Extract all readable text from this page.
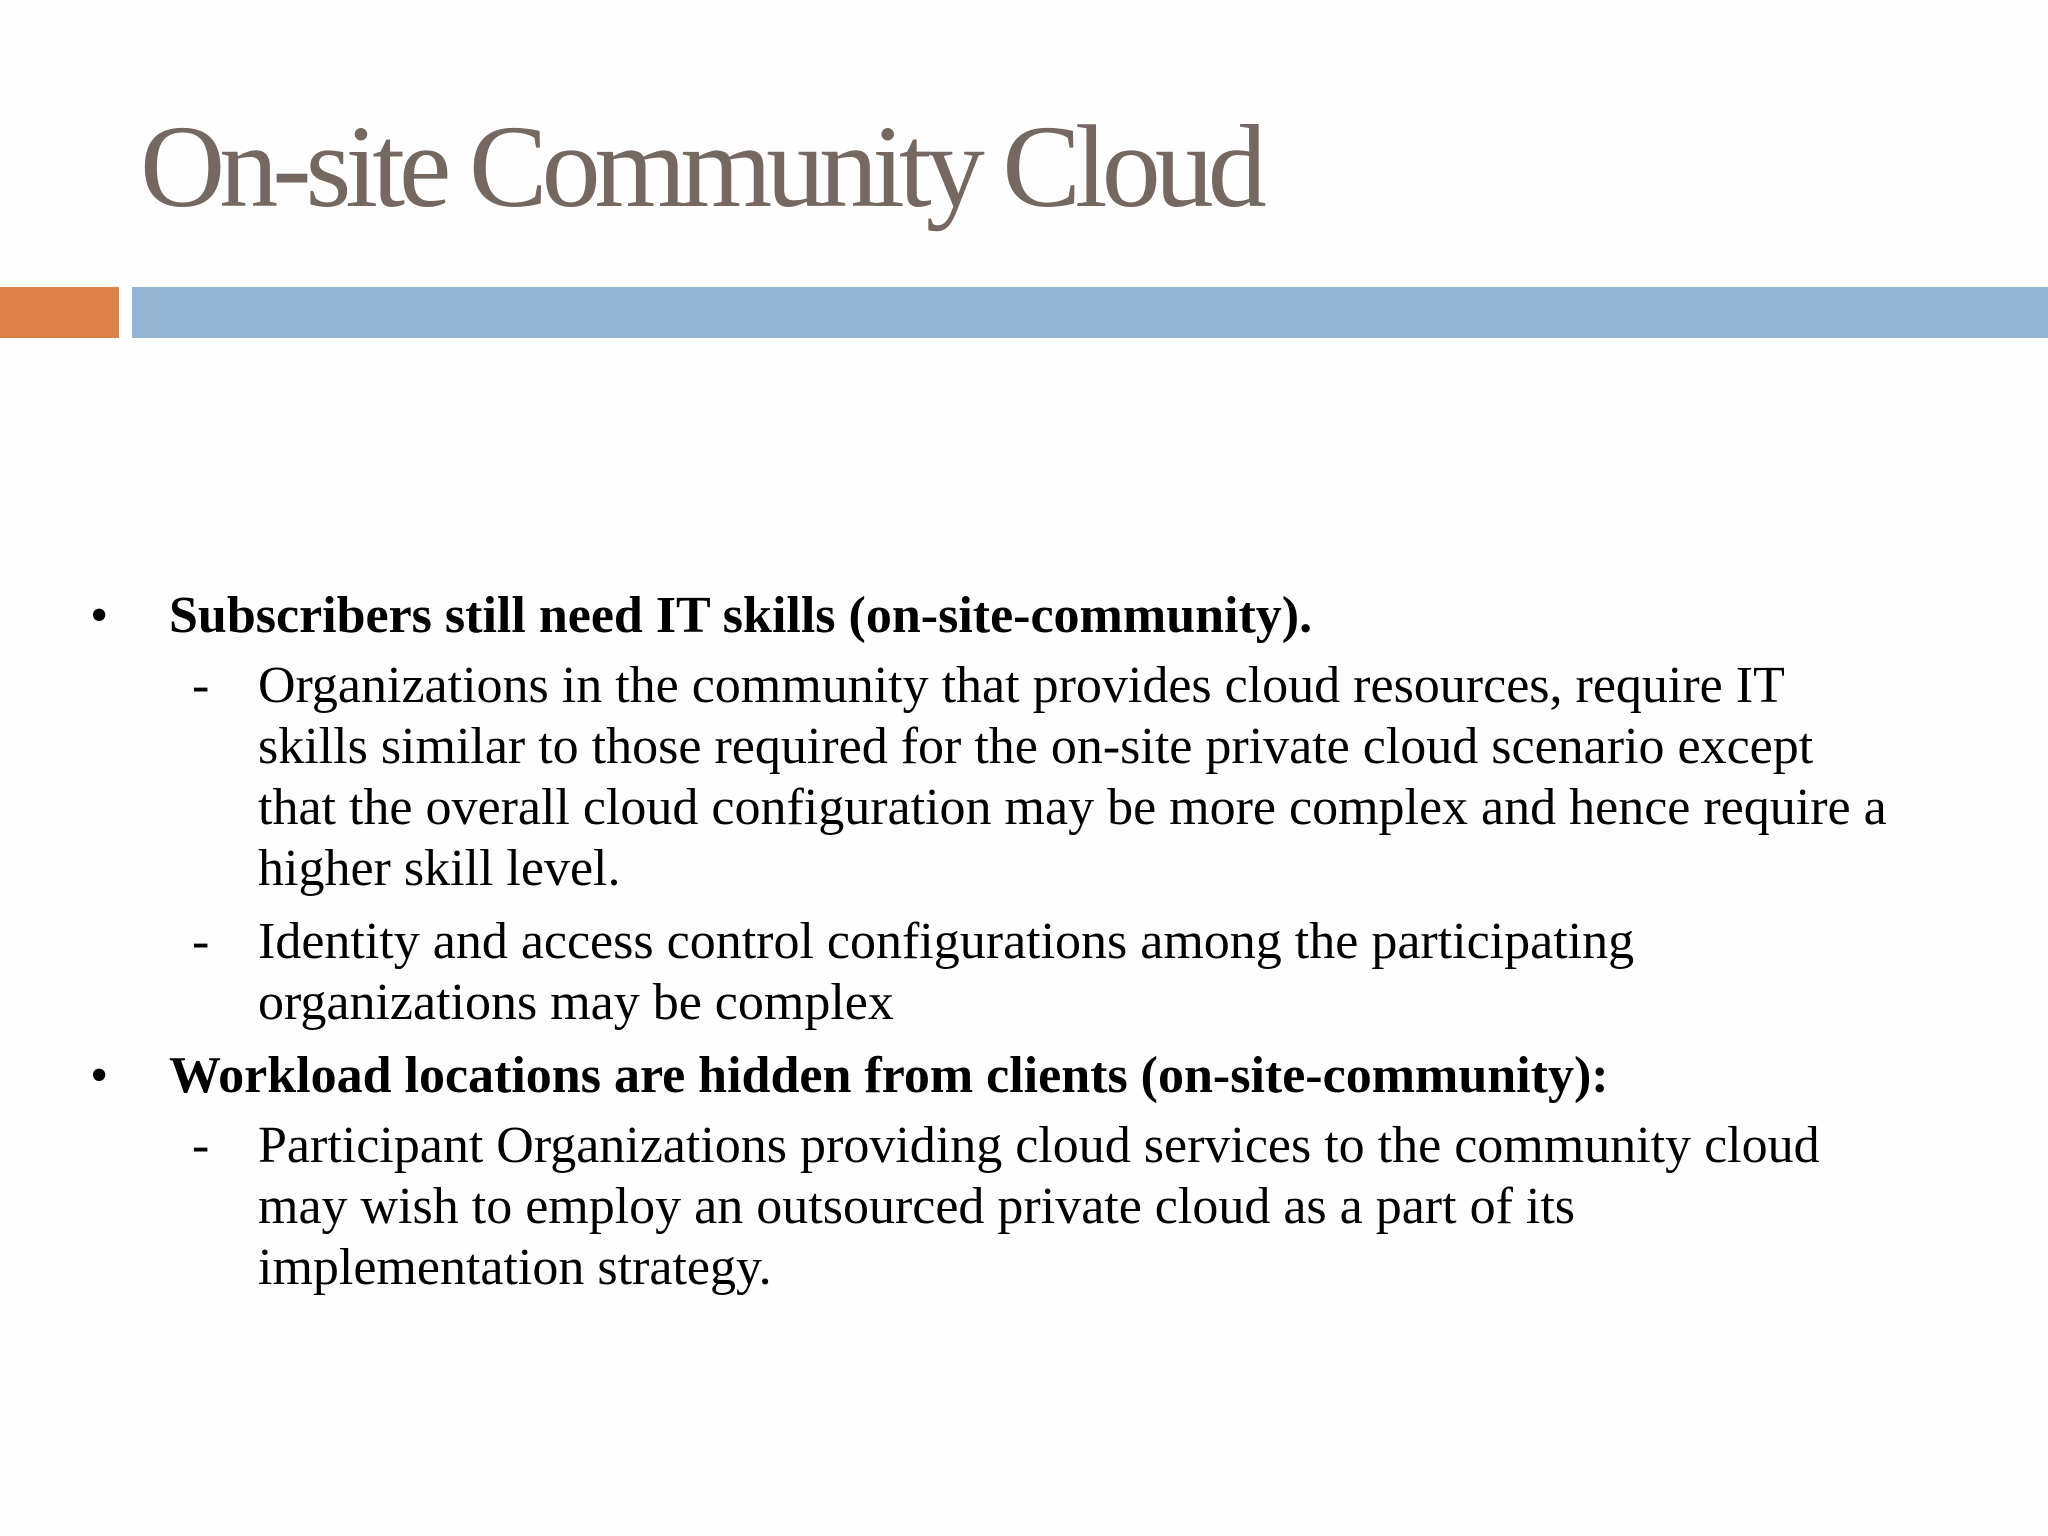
On-site Community Cloud
• Subscribers still need IT skills (on-site-community).
- Organizations in the community that provides cloud resources, require IT skills similar to those required for the on-site private cloud scenario except that the overall cloud configuration may be more complex and hence require a higher skill level.
- Identity and access control configurations among the participating organizations may be complex
• Workload locations are hidden from clients (on-site-community):
- Participant Organizations providing cloud services to the community cloud may wish to employ an outsourced private cloud as a part of its implementation strategy.
